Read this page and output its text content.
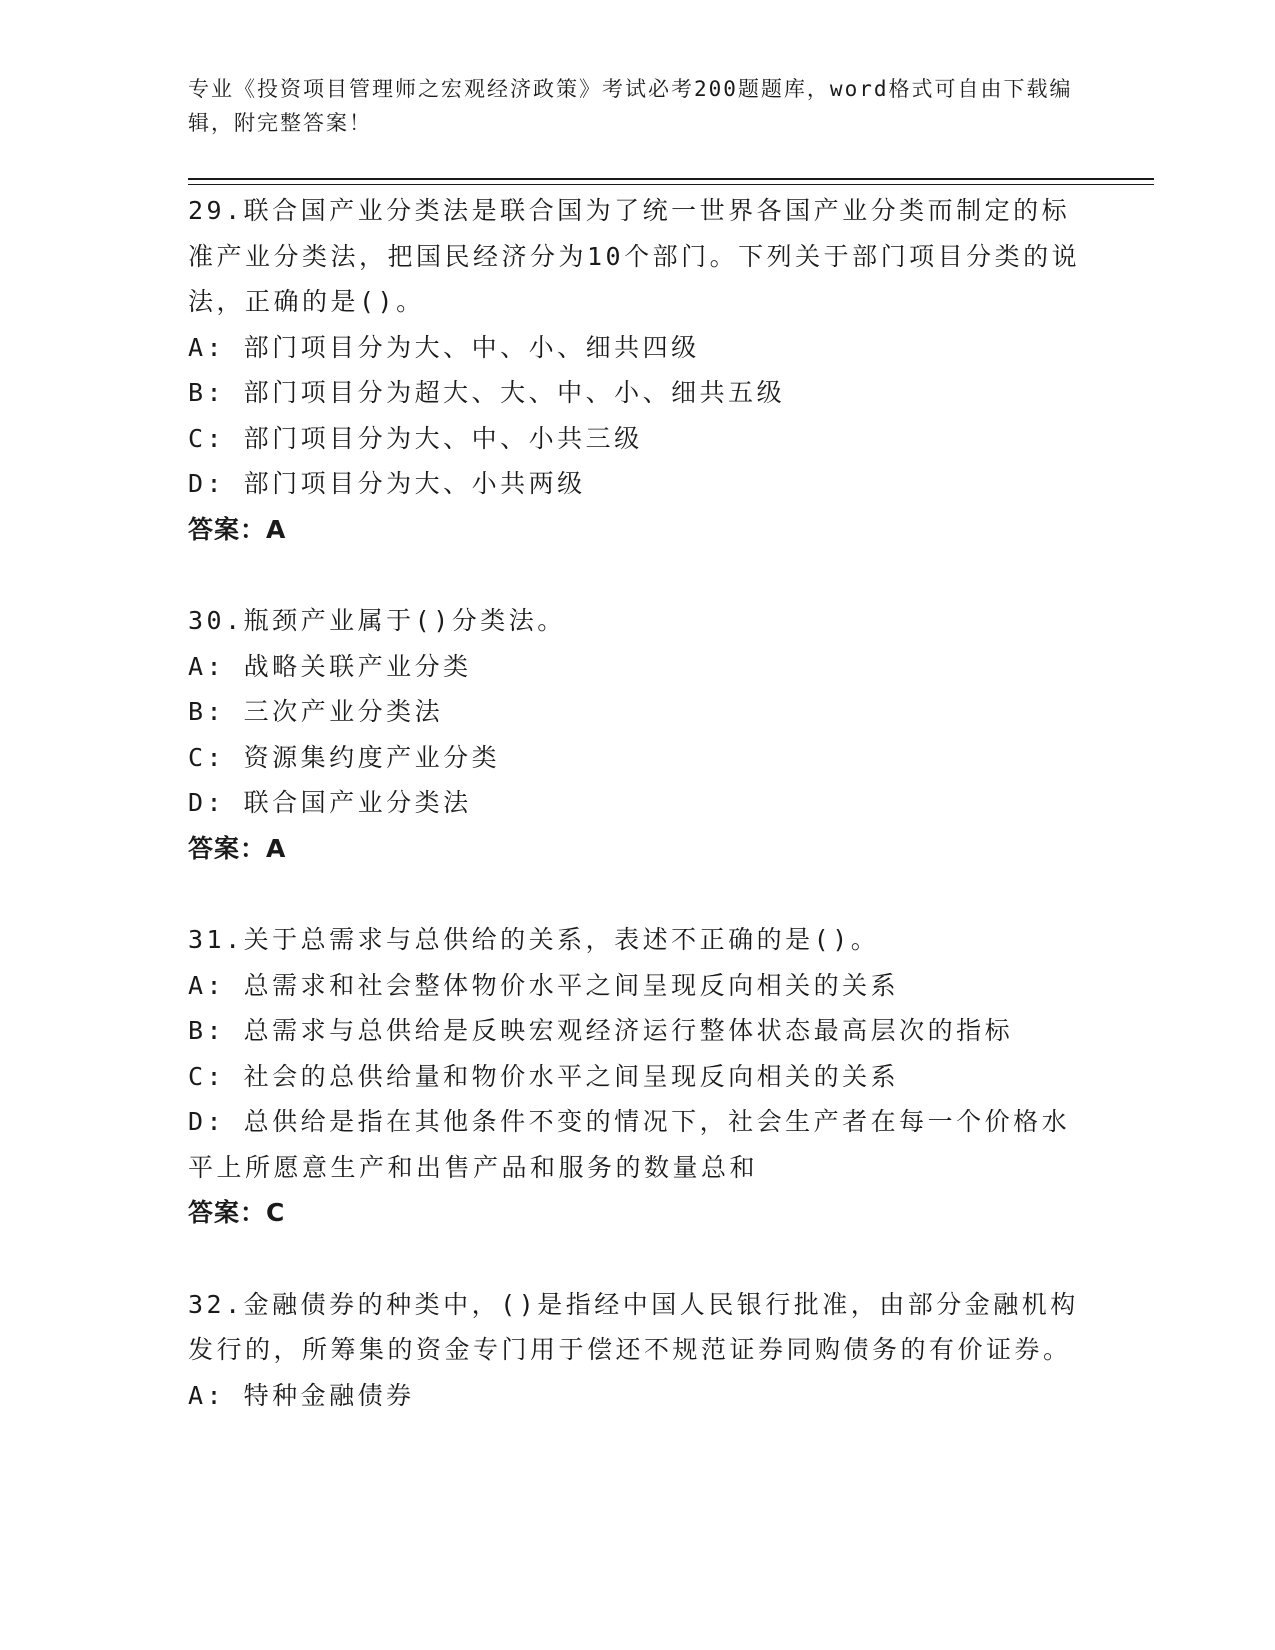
专业《投资项目管理师之宏观经济政策》考试必考200题题库，word格式可自由下载编辑，附完整答案！
29.联合国产业分类法是联合国为了统一世界各国产业分类而制定的标准产业分类法，把国民经济分为10个部门。下列关于部门项目分类的说法，正确的是()。
A: 部门项目分为大、中、小、细共四级
B: 部门项目分为超大、大、中、小、细共五级
C: 部门项目分为大、中、小共三级
D: 部门项目分为大、小共两级
答案：A
30.瓶颈产业属于()分类法。
A: 战略关联产业分类
B: 三次产业分类法
C: 资源集约度产业分类
D: 联合国产业分类法
答案：A
31.关于总需求与总供给的关系，表述不正确的是()。
A: 总需求和社会整体物价水平之间呈现反向相关的关系
B: 总需求与总供给是反映宏观经济运行整体状态最高层次的指标
C: 社会的总供给量和物价水平之间呈现反向相关的关系
D: 总供给是指在其他条件不变的情况下，社会生产者在每一个价格水平上所愿意生产和出售产品和服务的数量总和
答案：C
32.金融债券的种类中，()是指经中国人民银行批准，由部分金融机构发行的，所筹集的资金专门用于偿还不规范证券同购债务的有价证券。
A: 特种金融债券
